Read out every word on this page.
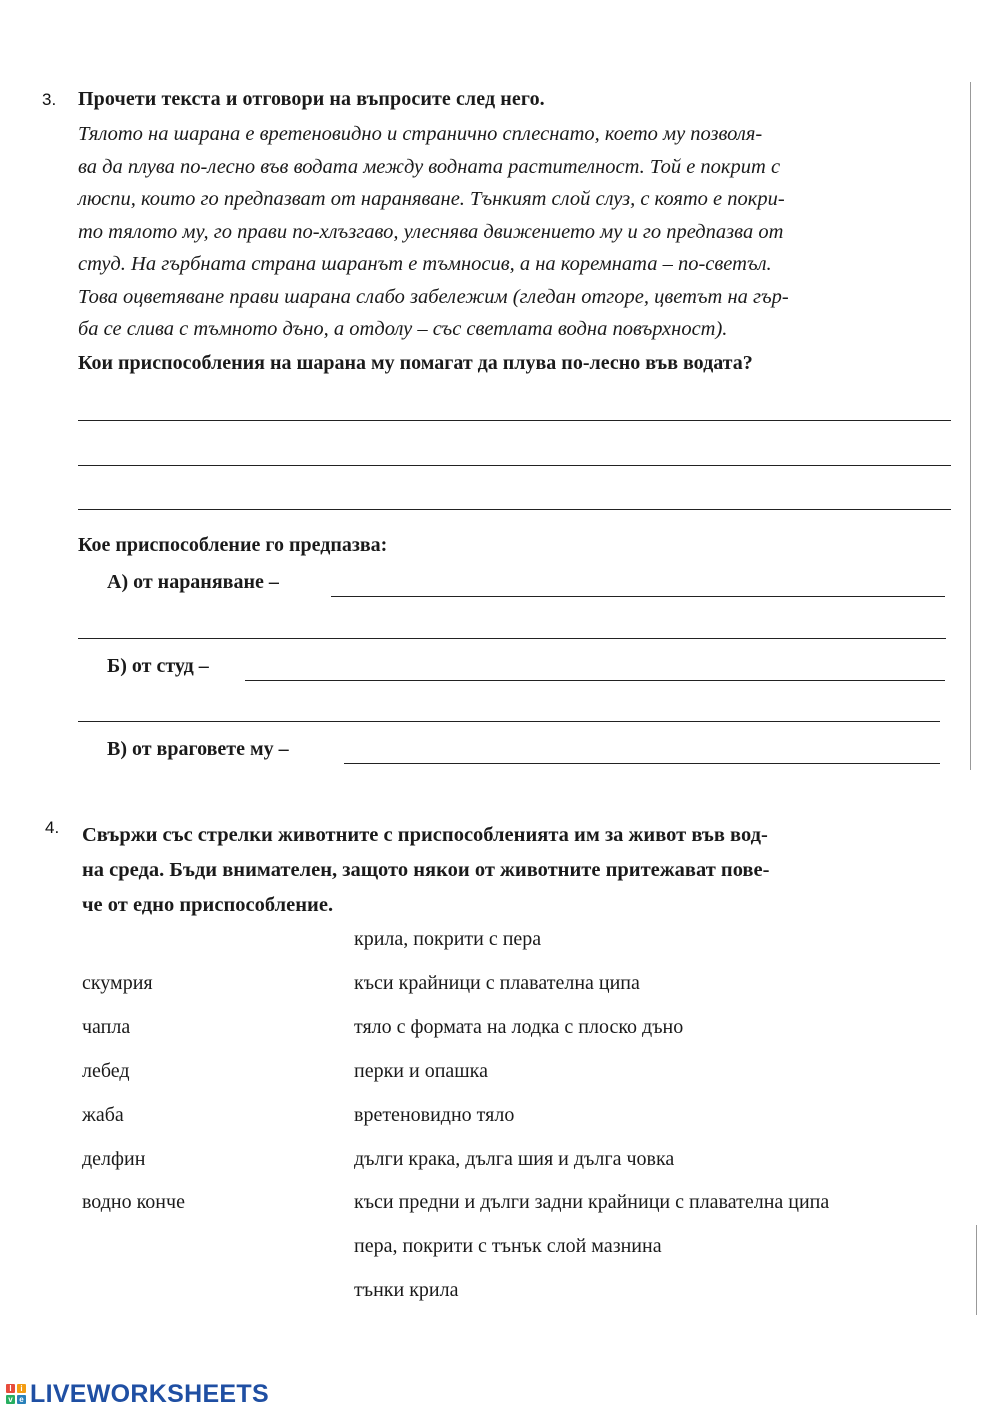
3. Прочети текста и отговори на въпросите след него.
Тялото на шарана е вретеновидно и странично сплеснато, което му позволя-
ва да плува по-лесно във водата между водната растителност. Той е покрит с
люспи, които го предпазват от нараняване. Тънкият слой слуз, с която е покри-
то тялото му, го прави по-хлъзгаво, улеснява движението му и го предпазва от
студ. На гърбната страна шаранът е тъмносив, а на коремната – по-светъл.
Това оцветяване прави шарана слабо забележим (гледан отгоре, цветът на гър-
ба се слива с тъмното дъно, а отдолу – със светлата водна повърхност).
Кои приспособления на шарана му помагат да плува по-лесно във водата?
Кое приспособление го предпазва:
А) от нараняване –
Б) от студ –
В) от враговете му –
4. Свържи със стрелки животните с приспособленията им за живот във вод-
на среда. Бъди внимателен, защото някои от животните притежават пове-
че от едно приспособление.
крила, покрити с пера
къси крайници с плавателна ципа
тяло с формата на лодка с плоско дъно
перки и опашка
вретеновидно тяло
дълги крака, дълга шия и дълга човка
къси предни и дълги задни крайници с плавателна ципа
пера, покрити с тънък слой мазнина
тънки крила
скумрия
чапла
лебед
жаба
делфин
водно конче
l	i
v e LIVEWORKSHEETS
